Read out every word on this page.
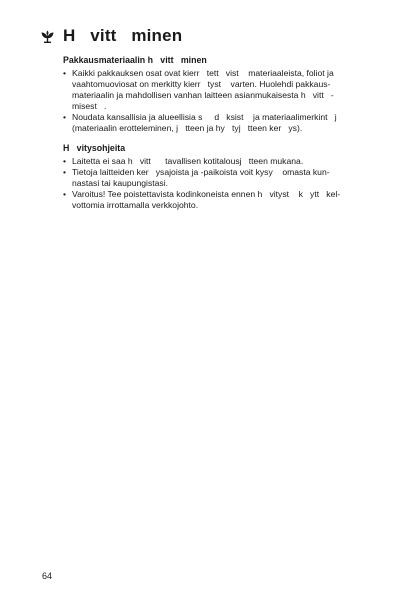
H   vitt   minen
Pakkausmateriaalin h   vitt   minen
• Kaikki pakkauksen osat ovat kierr   tett   vist    materiaaleista, foliot ja
vaahtomuoviosat on merkitty kierr   tyst    varten. Huolehdi pakkaus-
materiaalin ja mahdollisen vanhan laitteen asianmukaisesta h   vitt   -
misest   .
• Noudata kansallisia ja alueellisia s     d   ksist    ja materiaalimerkint   j
(materiaalin erotteleminen, j   tteen ja hy   tyj   tteen ker   ys).
H   vitysohjeita
• Laitetta ei saa h   vitt      tavallisen kotitalousj   tteen mukana.
• Tietoja laitteiden ker   ysajoista ja -paikoista voit kysy    omasta kun-
nastasi tai kaupungistasi.
• Varoitus! Tee poistettavista kodinkoneista ennen h   vityst    k   ytt   kel-
vottomia irrottamalla verkkojohto.
64
